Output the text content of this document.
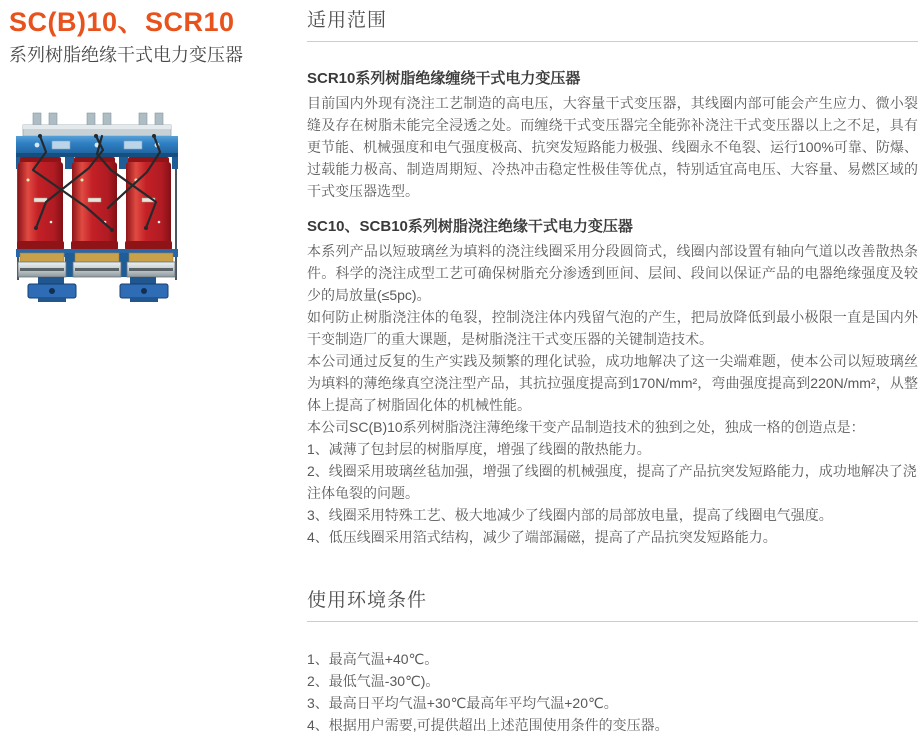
SC(B)10、SCR10
系列树脂绝缘干式电力变压器
适用范围
SCR10系列树脂绝缘缠绕干式电力变压器

目前国内外现有浇注工艺制造的高电压，大容量干式变压器，其线圈内部可能会产生应力、微小裂缝及存在树脂未能完全浸透之处。而缠绕干式变压器完全能弥补浇注干式变压器以上之不足，具有更节能、机械强度和电气强度极高、抗突发短路能力极强、线圈永不龟裂、运行100%可靠、防爆、过载能力极高、制造周期短、冷热冲击稳定性极佳等优点，特别适宜高电压、大容量、易燃区域的干式变压器选型。

SC10、SCB10系列树脂浇注绝缘干式电力变压器

本系列产品以短玻璃丝为填料的浇注线圈采用分段圆筒式，线圈内部设置有轴向气道以改善散热条件。科学的浇注成型工艺可确保树脂充分渗透到匝间、层间、段间以保证产品的电器绝缘强度及较少的局放量(≤5pc)。

如何防止树脂浇注体的龟裂，控制浇注体内残留气泡的产生，把局放降低到最小极限一直是国内外干变制造厂的重大课题，是树脂浇注干式变压器的关键制造技术。

本公司通过反复的生产实践及频繁的理化试验，成功地解决了这一尖端难题，使本公司以短玻璃丝为填料的薄绝缘真空浇注型产品，其抗拉强度提高到170N/mm²，弯曲强度提高到220N/mm²，从整体上提高了树脂固化体的机械性能。

本公司SC(B)10系列树脂浇注薄绝缘干变产品制造技术的独到之处，独成一格的创造点是：

1、减薄了包封层的树脂厚度，增强了线圈的散热能力。

2、线圈采用玻璃丝毡加强，增强了线圈的机械强度，提高了产品抗突发短路能力，成功地解决了浇注体龟裂的问题。

3、线圈采用特殊工艺、极大地减少了线圈内部的局部放电量，提高了线圈电气强度。

4、低压线圈采用箔式结构，减少了端部漏磁，提高了产品抗突发短路能力。

使用环境条件

1、最高气温+40℃。

2、最低气温-30℃)。

3、最高日平均气温+30℃最高年平均气温+20℃。

4、根据用户需要,可提供超出上述范围使用条件的变压器。
